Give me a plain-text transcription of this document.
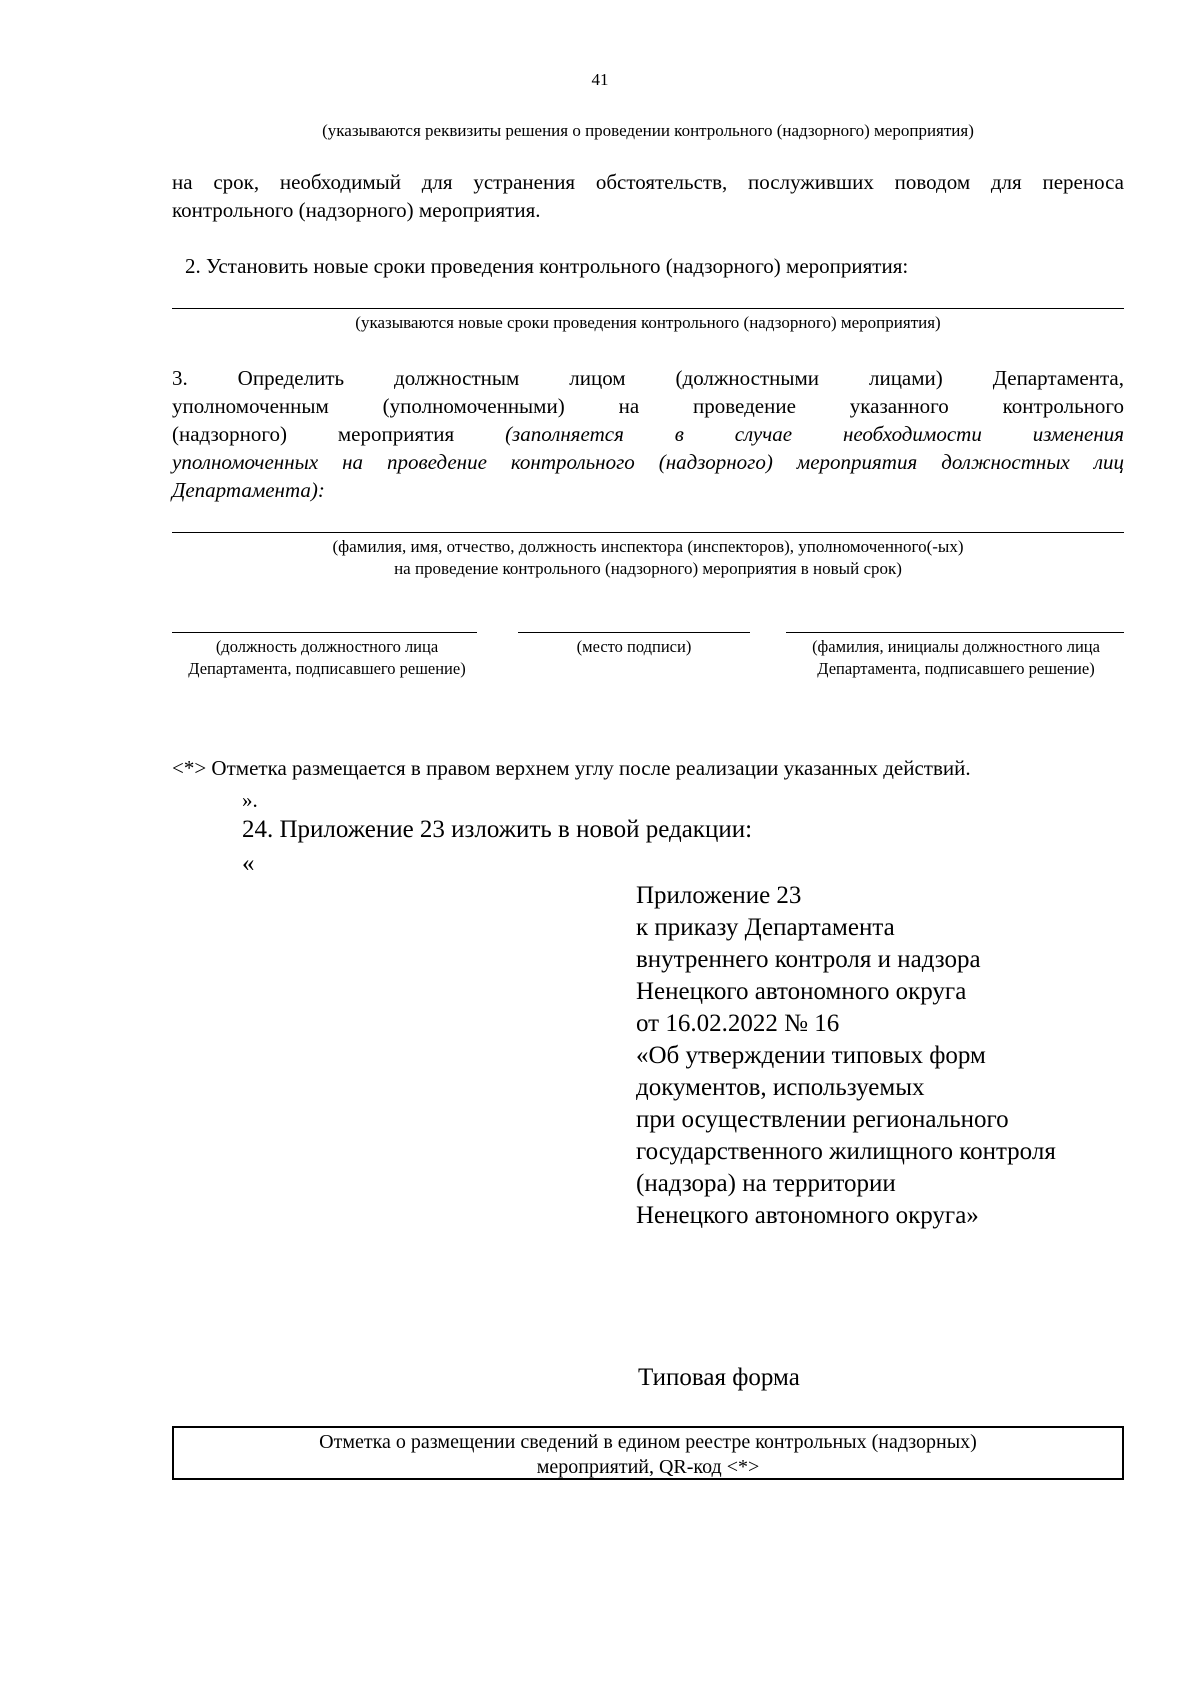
41
(указываются реквизиты решения о проведении контрольного (надзорного) мероприятия)
на срок, необходимый для устранения обстоятельств, послуживших поводом для переноса
контрольного (надзорного) мероприятия.
2. Установить новые сроки проведения контрольного (надзорного) мероприятия:
(указываются новые сроки проведения контрольного (надзорного) мероприятия)
3. Определить должностным лицом (должностными лицами) Департамента,
уполномоченным (уполномоченными) на проведение указанного контрольного
(надзорного) мероприятия (заполняется в случае необходимости изменения
уполномоченных на проведение контрольного (надзорного) мероприятия должностных лиц
Департамента):
(фамилия, имя, отчество, должность инспектора (инспекторов), уполномоченного(-ых)
на проведение контрольного (надзорного) мероприятия в новый срок)
(должность должностного лица Департамента, подписавшего решение)
(место подписи)	(фамилия, инициалы должностного лица Департамента, подписавшего решение)
<*> Отметка размещается в правом верхнем углу после реализации указанных действий.
».
24. Приложение 23 изложить в новой редакции:
«
Приложение 23
к приказу Департамента
внутреннего контроля и надзора
Ненецкого автономного округа
от 16.02.2022 № 16
«Об утверждении типовых форм
документов, используемых
при осуществлении регионального
государственного жилищного контроля
(надзора) на территории
Ненецкого автономного округа»
Типовая форма
Отметка о размещении сведений в едином реестре контрольных (надзорных)
мероприятий, QR-код <*>
